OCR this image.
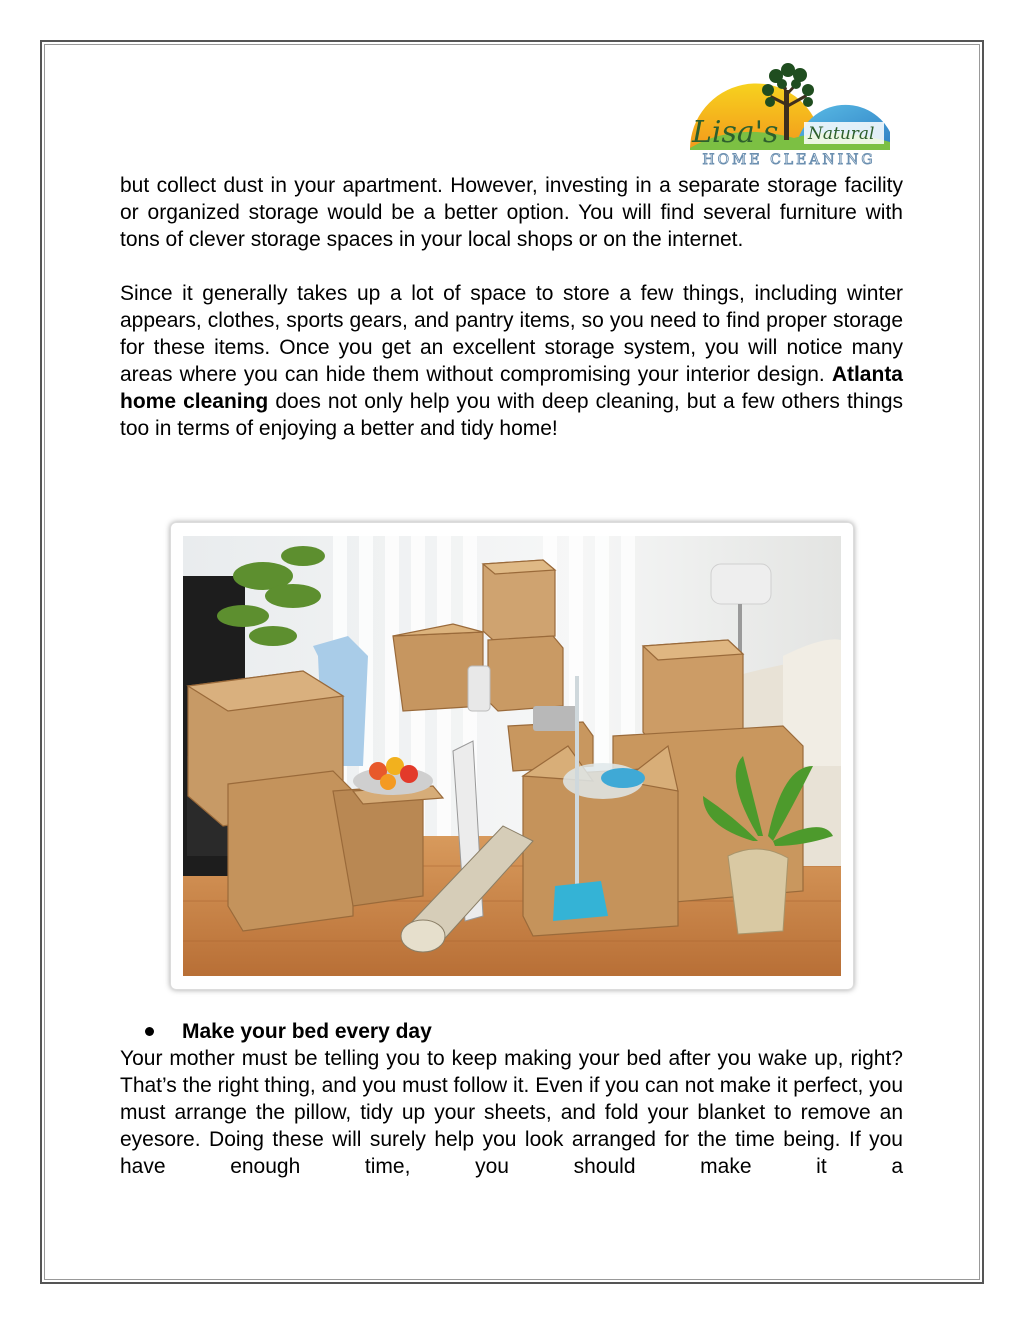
Lisa's Natural
HOME CLEANING

but collect dust in your apartment. However, investing in a separate storage facility or organized storage would be a better option. You will find several furniture with tons of clever storage spaces in your local shops or on the internet.

Since it generally takes up a lot of space to store a few things, including winter appears, clothes, sports gears, and pantry items, so you need to find proper storage for these items. Once you get an excellent storage system, you will notice many areas where you can hide them without compromising your interior design. Atlanta home cleaning does not only help you with deep cleaning, but a few others things too in terms of enjoying a better and tidy home!

Make your bed every day

Your mother must be telling you to keep making your bed after you wake up, right? That’s the right thing, and you must follow it. Even if you can not make it perfect, you must arrange the pillow, tidy up your sheets, and fold your blanket to remove an eyesore. Doing these will surely help you look arranged for the time being. If you have enough time, you should make it a
